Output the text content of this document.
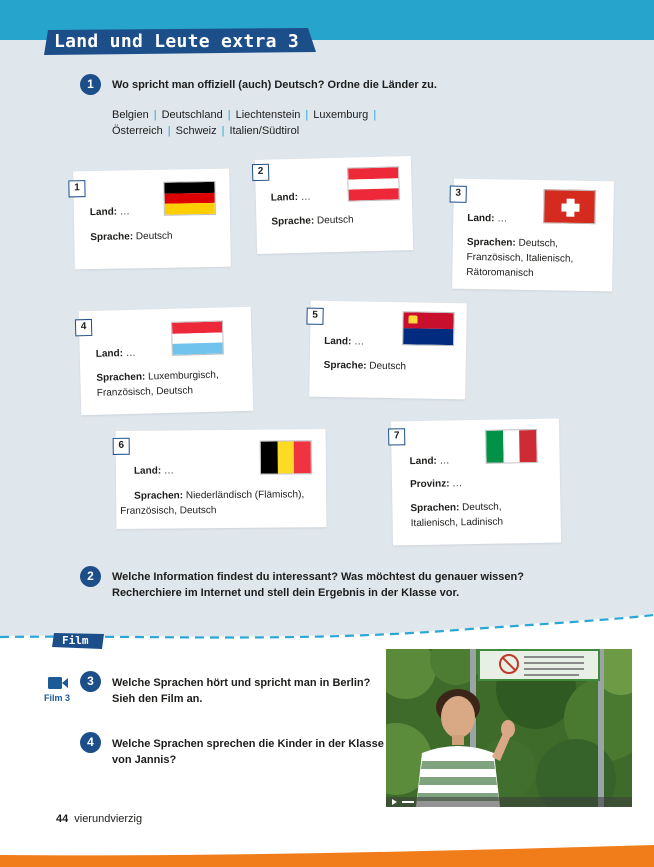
Land und Leute extra 3
1	Wo spricht man offiziell (auch) Deutsch? Ordne die Länder zu.
Belgien | Deutschland | Liechtenstein | Luxemburg |
Österreich | Schweiz | Italien/Südtirol
1
Land: …
Sprache: Deutsch
2
Land: …
Sprache: Deutsch
3
Land: …
Sprachen: Deutsch,
Französisch, Italienisch,
Rätoromanisch
4
Land: …
Sprachen: Luxemburgisch,
Französisch, Deutsch
5
Land: …
Sprache: Deutsch
6
Land: …
Sprachen: Niederländisch (Flämisch),
Französisch, Deutsch
7
Land: …
Provinz: …
Sprachen: Deutsch,
Italienisch, Ladinisch
2	Welche Information findest du interessant? Was möchtest du genauer wissen?
Recherchiere im Internet und stell dein Ergebnis in der Klasse vor.
Film
Film 3
3	Welche Sprachen hört und spricht man in Berlin?
Sieh den Film an.
4	Welche Sprachen sprechen die Kinder in der Klasse
von Jannis?
44 vierundvierzig
